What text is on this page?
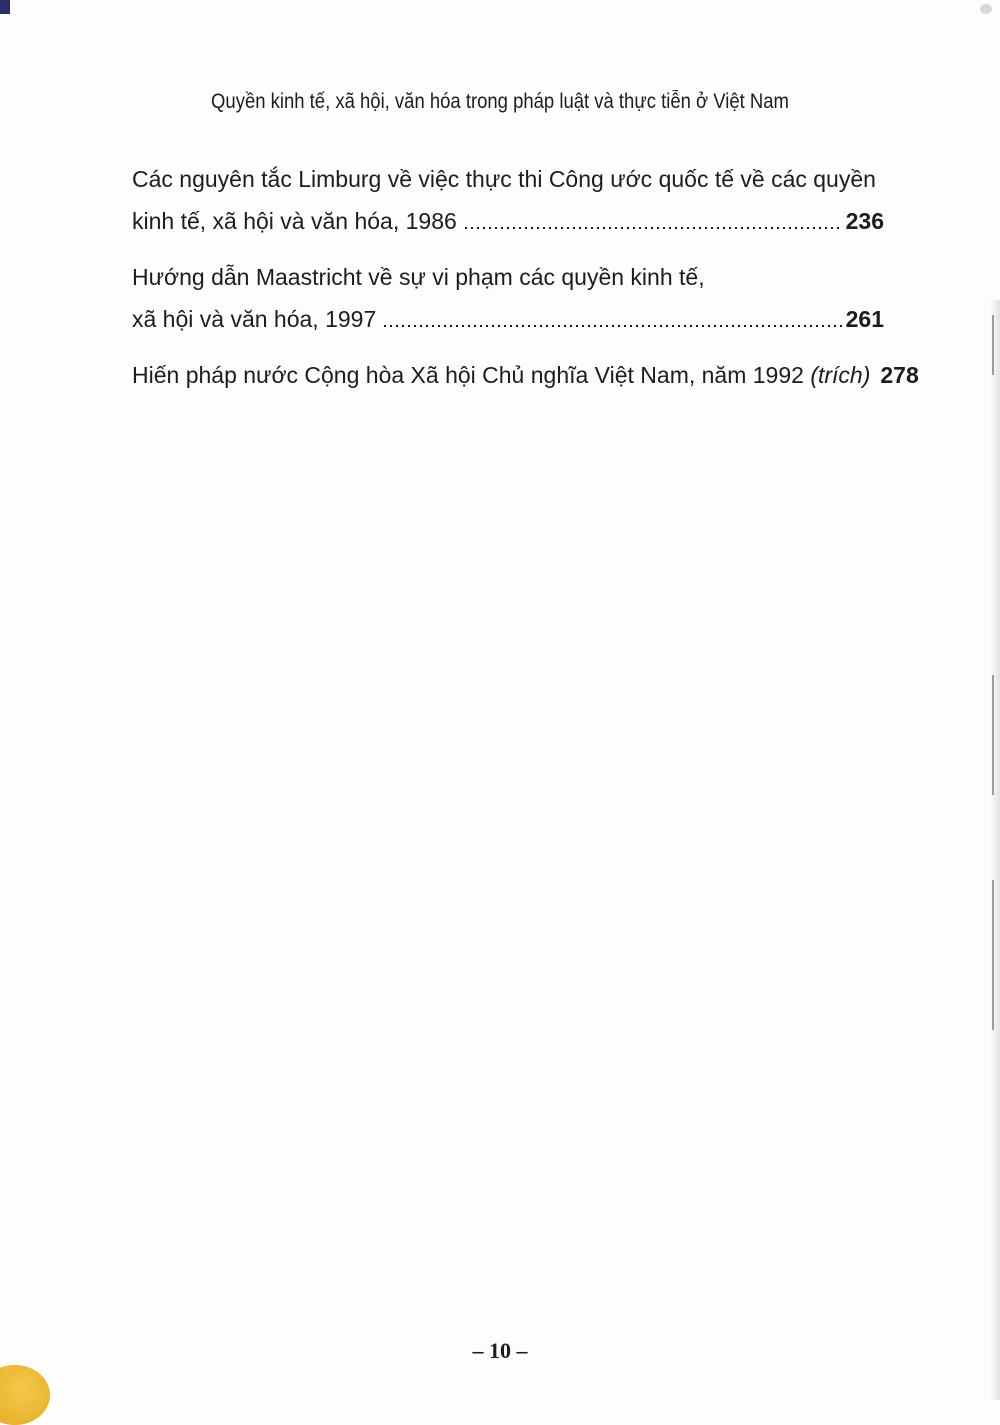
Quyền kinh tế, xã hội, văn hóa trong pháp luật và thực tiễn ở Việt Nam
Các nguyên tắc Limburg về việc thực thi Công ước quốc tế về các quyền
kinh tế, xã hội và văn hóa, 1986	236
Hướng dẫn Maastricht về sự vi phạm các quyền kinh tế,
xã hội và văn hóa, 1997	261
Hiến pháp nước Cộng hòa Xã hội Chủ nghĩa Việt Nam, năm 1992 (trích) 278
– 10 –
